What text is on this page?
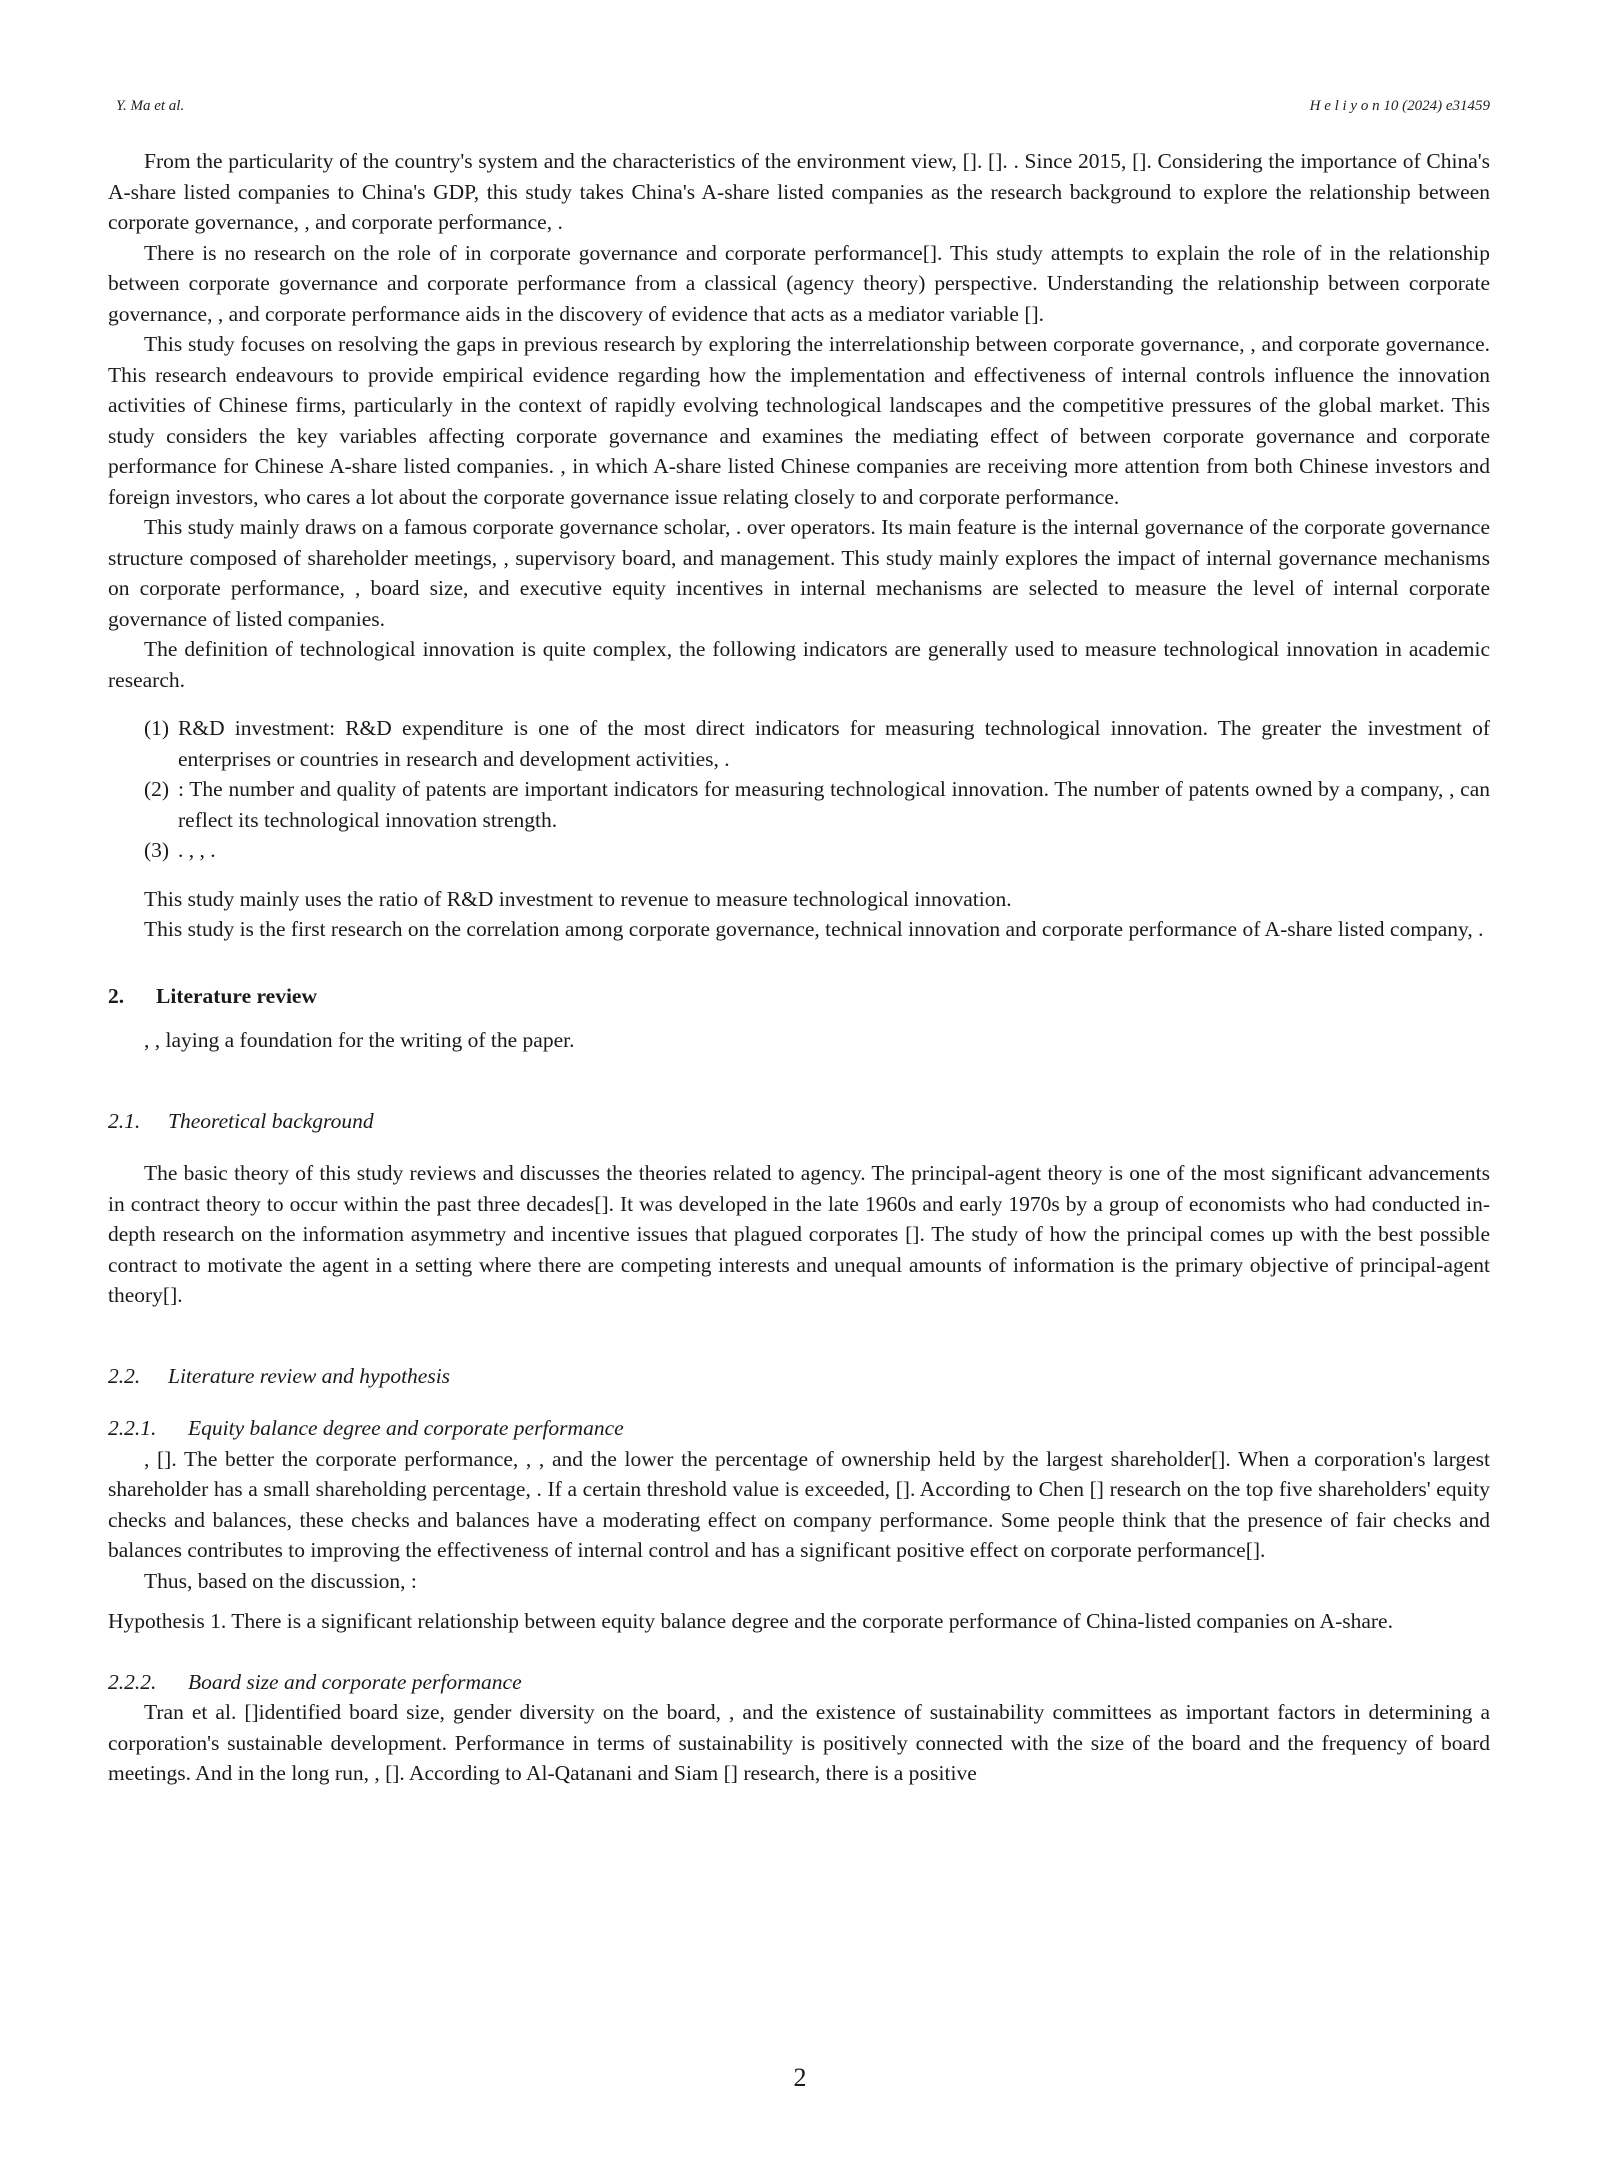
Y. Ma et al.	H e l i y o n 10 (2024) e31459

From the particularity of the country's system and the characteristics of the environment view, []. []. . Since 2015, []. Considering the importance of China's A-share listed companies to China's GDP, this study takes China's A-share listed companies as the research background to explore the relationship between corporate governance, , and corporate performance, .

There is no research on the role of in corporate governance and corporate performance[]. This study attempts to explain the role of in the relationship between corporate governance and corporate performance from a classical (agency theory) perspective. Understanding the relationship between corporate governance, , and corporate performance aids in the discovery of evidence that acts as a mediator variable [].

This study focuses on resolving the gaps in previous research by exploring the interrelationship between corporate governance, , and corporate governance. This research endeavours to provide empirical evidence regarding how the implementation and effectiveness of internal controls influence the innovation activities of Chinese firms, particularly in the context of rapidly evolving technological landscapes and the competitive pressures of the global market. This study considers the key variables affecting corporate governance and examines the mediating effect of between corporate governance and corporate performance for Chinese A-share listed companies. , in which A-share listed Chinese companies are receiving more attention from both Chinese investors and foreign investors, who cares a lot about the corporate governance issue relating closely to and corporate performance.

This study mainly draws on a famous corporate governance scholar, . over operators. Its main feature is the internal governance of the corporate governance structure composed of shareholder meetings, , supervisory board, and management. This study mainly explores the impact of internal governance mechanisms on corporate performance, , board size, and executive equity incentives in internal mechanisms are selected to measure the level of internal corporate governance of listed companies.

The definition of technological innovation is quite complex, the following indicators are generally used to measure technological innovation in academic research.

(1) R&D investment: R&D expenditure is one of the most direct indicators for measuring technological innovation. The greater the investment of enterprises or countries in research and development activities, .
(2) : The number and quality of patents are important indicators for measuring technological innovation. The number of patents owned by a company, , can reflect its technological innovation strength.
(3) . , , .

This study mainly uses the ratio of R&D investment to revenue to measure technological innovation.

This study is the first research on the correlation among corporate governance, technical innovation and corporate performance of A-share listed company, .

2. Literature review

, , laying a foundation for the writing of the paper.

2.1. Theoretical background

The basic theory of this study reviews and discusses the theories related to agency. The principal-agent theory is one of the most significant advancements in contract theory to occur within the past three decades[]. It was developed in the late 1960s and early 1970s by a group of economists who had conducted in-depth research on the information asymmetry and incentive issues that plagued corporates []. The study of how the principal comes up with the best possible contract to motivate the agent in a setting where there are competing interests and unequal amounts of information is the primary objective of principal-agent theory[].

2.2. Literature review and hypothesis
2.2.1. Equity balance degree and corporate performance

, []. The better the corporate performance, , , and the lower the percentage of ownership held by the largest shareholder[]. When a corporation's largest shareholder has a small shareholding percentage, . If a certain threshold value is exceeded, []. According to Chen [] research on the top five shareholders' equity checks and balances, these checks and balances have a moderating effect on company performance. Some people think that the presence of fair checks and balances contributes to improving the effectiveness of internal control and has a significant positive effect on corporate performance[].

Thus, based on the discussion, :

Hypothesis 1. There is a significant relationship between equity balance degree and the corporate performance of China-listed companies on A-share.

2.2.2. Board size and corporate performance

Tran et al. []identified board size, gender diversity on the board, , and the existence of sustainability committees as important factors in determining a corporation's sustainable development. Performance in terms of sustainability is positively connected with the size of the board and the frequency of board meetings. And in the long run, , []. According to Al-Qatanani and Siam [] research, there is a positive

2
